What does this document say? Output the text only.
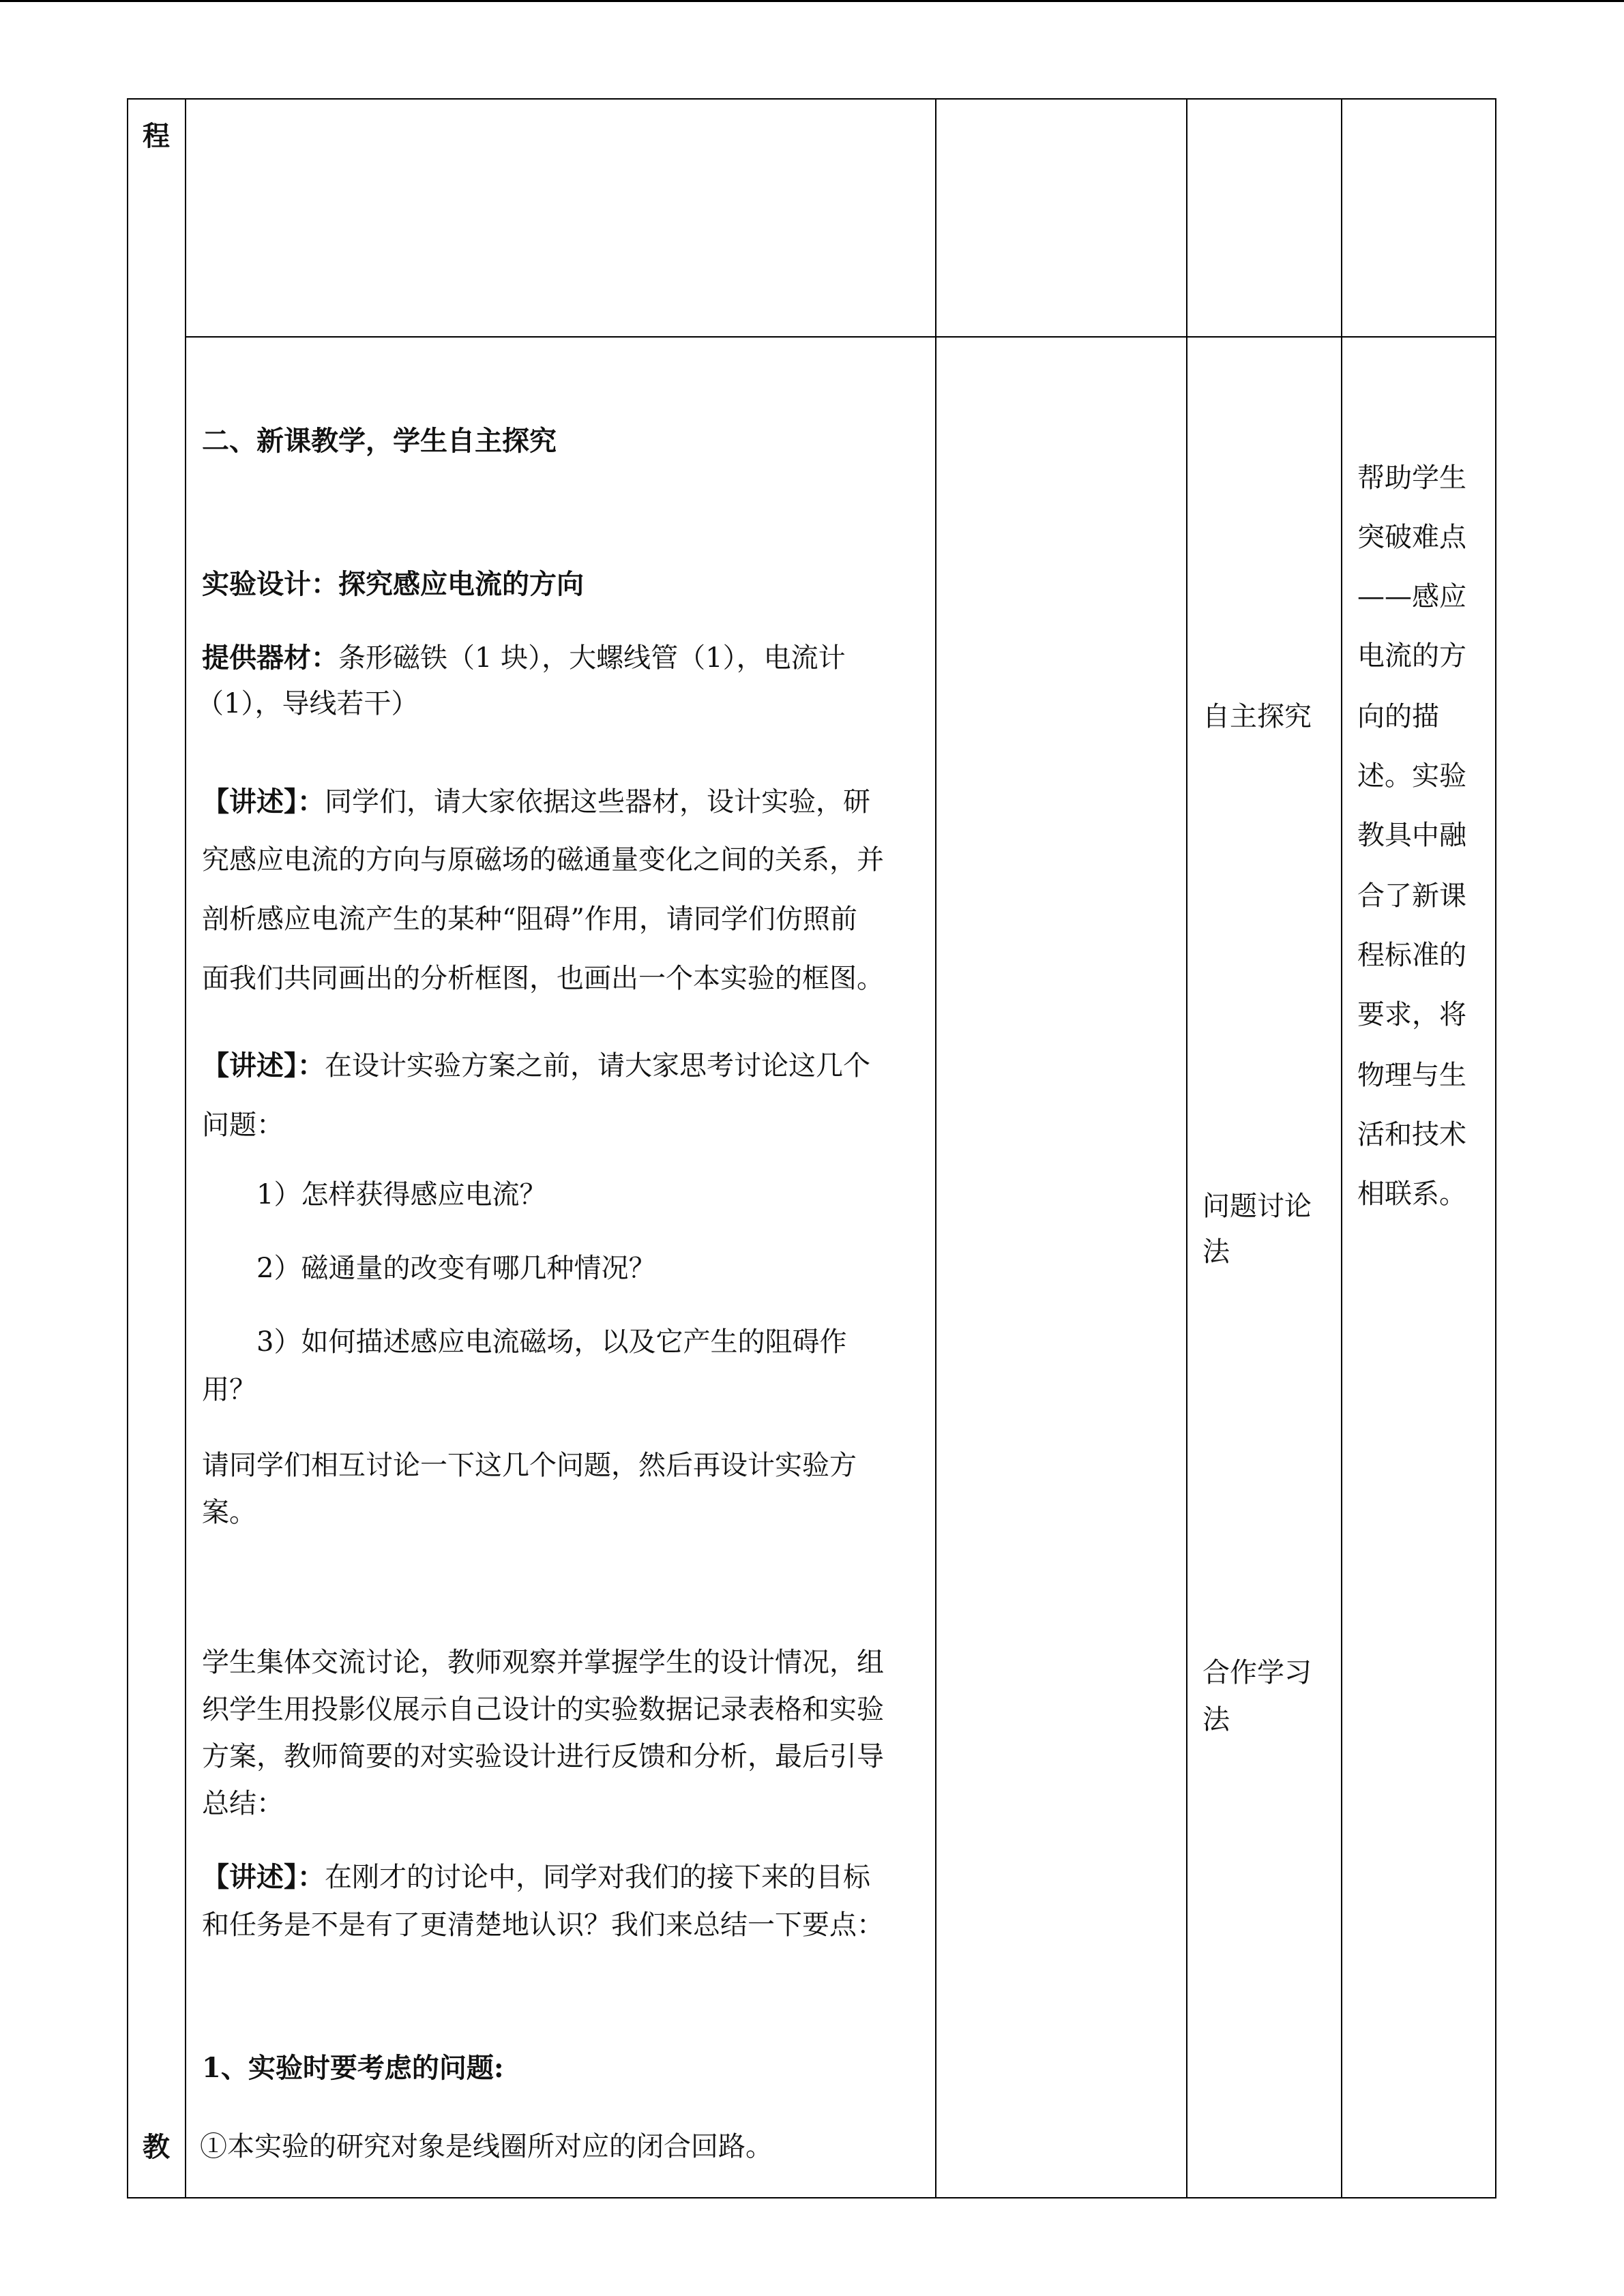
程
教
二、新课教学，学生自主探究
实验设计：探究感应电流的方向
提供器材：条形磁铁（1 块），大螺线管（1），电流计
（1），导线若干）
【讲述】：同学们，请大家依据这些器材，设计实验，研
究感应电流的方向与原磁场的磁通量变化之间的关系，并
剖析感应电流产生的某种“阻碍”作用，请同学们仿照前
面我们共同画出的分析框图，也画出一个本实验的框图。
【讲述】：在设计实验方案之前，请大家思考讨论这几个
问题：
1）怎样获得感应电流？
2）磁通量的改变有哪几种情况？
3）如何描述感应电流磁场，以及它产生的阻碍作
用？
请同学们相互讨论一下这几个问题，然后再设计实验方
案。
学生集体交流讨论，教师观察并掌握学生的设计情况，组
织学生用投影仪展示自己设计的实验数据记录表格和实验
方案，教师简要的对实验设计进行反馈和分析，最后引导
总结：
【讲述】：在刚才的讨论中，同学对我们的接下来的目标
和任务是不是有了更清楚地认识？我们来总结一下要点：
1、实验时要考虑的问题:
①本实验的研究对象是线圈所对应的闭合回路。
自主探究
问题讨论
法
合作学习
法
帮助学生
突破难点
——感应
电流的方
向的描
述。实验
教具中融
合了新课
程标准的
要求，将
物理与生
活和技术
相联系。
